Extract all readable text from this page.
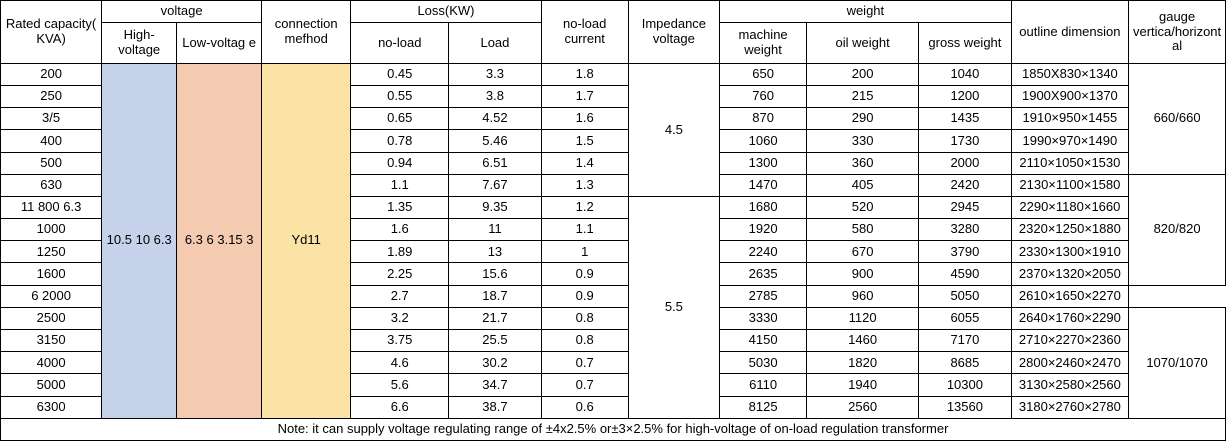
Rated capacity( KVA)	voltage		connection mefhod	Loss(KW)		no-load current	Impedance voltage	weight			outline dimension	gauge vertica/horizontal
	High-voltage	Low-voltag e		no-load	Load			machine weight	oil weight	gross weight		
200	10.5 10 6.3	6.3 6 3.15 3	Yd11	0.45	3.3	1.8	4.5	650	200	1040	1850X830×1340	660/660
250				0.55	3.8	1.7		760	215	1200	1900X900×1370	
3/5				0.65	4.52	1.6		870	290	1435	1910×950×1455	
400				0.78	5.46	1.5		1060	330	1730	1990×970×1490	
500				0.94	6.51	1.4		1300	360	2000	2110×1050×1530	
630				1.1	7.67	1.3		1470	405	2420	2130×1100×1580	820/820
11 800 6.3				1.35	9.35	1.2	5.5	1680	520	2945	2290×1180×1660	
1000				1.6	11	1.1		1920	580	3280	2320×1250×1880	
1250				1.89	13	1		2240	670	3790	2330×1300×1910	
1600				2.25	15.6	0.9		2635	900	4590	2370×1320×2050	
6 2000				2.7	18.7	0.9		2785	960	5050	2610×1650×2270	
2500				3.2	21.7	0.8		3330	1120	6055	2640×1760×2290	1070/1070
3150				3.75	25.5	0.8		4150	1460	7170	2710×2270×2360	
4000				4.6	30.2	0.7		5030	1820	8685	2800×2460×2470	
5000				5.6	34.7	0.7		6110	1940	10300	3130×2580×2560	
6300				6.6	38.7	0.6		8125	2560	13560	3180×2760×2780	
Note: it can supply voltage regulating range of ±4x2.5% or±3×2.5% for high-voltage of on-load regulation transformer												
